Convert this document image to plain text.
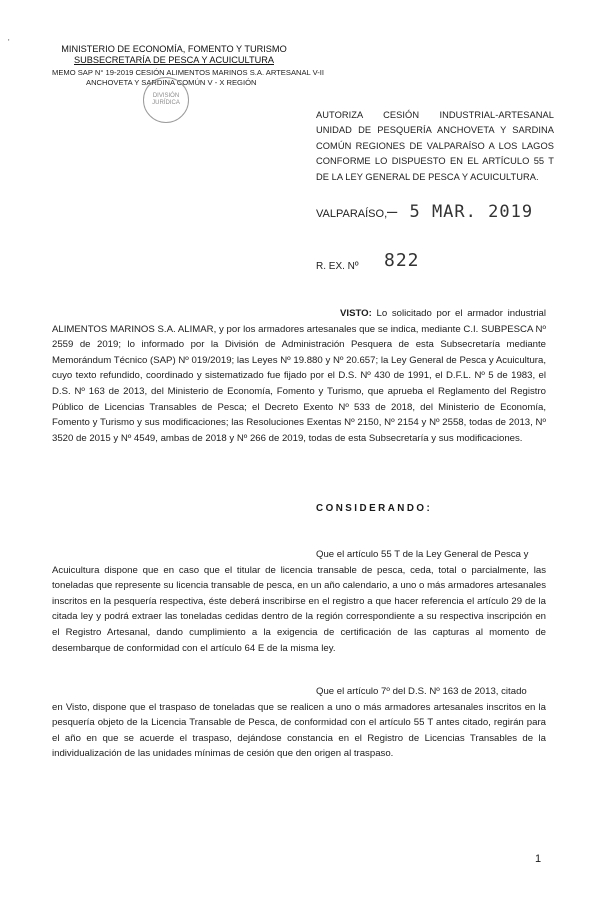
'
MINISTERIO DE ECONOMÍA, FOMENTO Y TURISMO
SUBSECRETARÍA DE PESCA Y ACUICULTURA
MEMO SAP N° 19-2019 CESIÓN ALIMENTOS MARINOS S.A. ARTESANAL V-II
ANCHOVETA Y SARDINA COMÚN V - X REGIÓN
DIVISIÓN
JURÍDICA
AUTORIZA CESIÓN INDUSTRIAL-ARTESANAL UNIDAD DE PESQUERÍA ANCHOVETA Y SARDINA COMÚN REGIONES DE VALPARAÍSO A LOS LAGOS CONFORME LO DISPUESTO EN EL ARTÍCULO 55 T DE LA LEY GENERAL DE PESCA Y ACUICULTURA.
VALPARAÍSO, – 5 MAR. 2019
R. EX. Nº 822
VISTO: Lo solicitado por el armador industrial ALIMENTOS MARINOS S.A. ALIMAR, y por los armadores artesanales que se indica, mediante C.I. SUBPESCA Nº 2559 de 2019; lo informado por la División de Administración Pesquera de esta Subsecretaría mediante Memorándum Técnico (SAP) Nº 019/2019; las Leyes Nº 19.880 y Nº 20.657; la Ley General de Pesca y Acuicultura, cuyo texto refundido, coordinado y sistematizado fue fijado por el D.S. Nº 430 de 1991, el D.F.L. Nº 5 de 1983, el D.S. Nº 163 de 2013, del Ministerio de Economía, Fomento y Turismo, que aprueba el Reglamento del Registro Público de Licencias Transables de Pesca; el Decreto Exento Nº 533 de 2018, del Ministerio de Economía, Fomento y Turismo y sus modificaciones; las Resoluciones Exentas Nº 2150, Nº 2154 y Nº 2558, todas de 2013, Nº 3520 de 2015 y Nº 4549, ambas de 2018 y Nº 266 de 2019, todas de esta Subsecretaría y sus modificaciones.
CONSIDERANDO:
Que el artículo 55 T de la Ley General de Pesca y
Acuicultura dispone que en caso que el titular de licencia transable de pesca, ceda, total o parcialmente, las toneladas que represente su licencia transable de pesca, en un año calendario, a uno o más armadores artesanales inscritos en la pesquería respectiva, éste deberá inscribirse en el registro a que hacer referencia el artículo 29 de la citada ley y podrá extraer las toneladas cedidas dentro de la región correspondiente a su respectiva inscripción en el Registro Artesanal, dando cumplimiento a la exigencia de certificación de las capturas al momento de desembarque de conformidad con el artículo 64 E de la misma ley.
Que el artículo 7º del D.S. Nº 163 de 2013, citado
en Visto, dispone que el traspaso de toneladas que se realicen a uno o más armadores artesanales inscritos en la pesquería objeto de la Licencia Transable de Pesca, de conformidad con el artículo 55 T antes citado, regirán para el año en que se acuerde el traspaso, dejándose constancia en el Registro de Licencias Transables de la individualización de las unidades mínimas de cesión que den origen al traspaso.
1
